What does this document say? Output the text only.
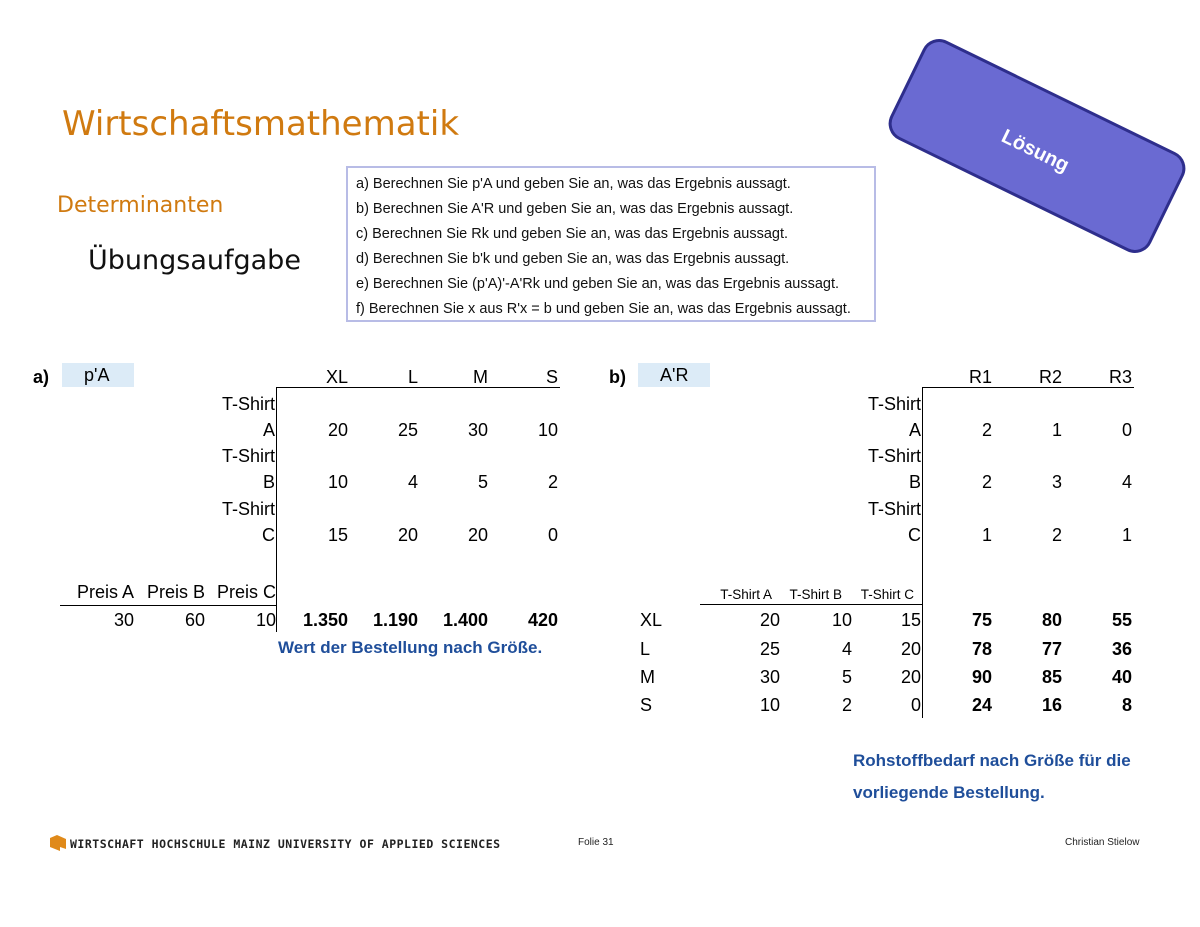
Wirtschaftsmathematik
Determinanten
Übungsaufgabe
a) Berechnen Sie p'A und geben Sie an, was das Ergebnis aussagt.
b) Berechnen Sie A'R und geben Sie an, was das Ergebnis aussagt.
c) Berechnen Sie Rk und geben Sie an, was das Ergebnis aussagt.
d) Berechnen Sie b'k und geben Sie an, was das Ergebnis aussagt.
e) Berechnen Sie (p'A)'-A'Rk und geben Sie an, was das Ergebnis aussagt.
f) Berechnen Sie x aus R'x = b und geben Sie an, was das Ergebnis aussagt.
Lösung
a)	p'A	XL	L	M	S
T-Shirt
A	20	25	30	10
T-Shirt
B	10	4	5	2
T-Shirt
C	15	20	20	0
Preis A Preis B Preis C
30	60	10	1.350	1.190	1.400	420
Wert der Bestellung nach Größe.
b)	A'R	R1	R2	R3
T-Shirt
A	2	1	0
T-Shirt
B	2	3	4
T-Shirt
C	1	2	1
T-Shirt A	T-Shirt B	T-Shirt C
XL	20	10	15	75	80	55
L	25	4	20	78	77	36
M	30	5	20	90	85	40
S	10	2	0	24	16	8
Rohstoffbedarf nach Größe für die
vorliegende Bestellung.
WIRTSCHAFT HOCHSCHULE MAINZ UNIVERSITY OF APPLIED SCIENCES	Folie 31	Christian Stielow
